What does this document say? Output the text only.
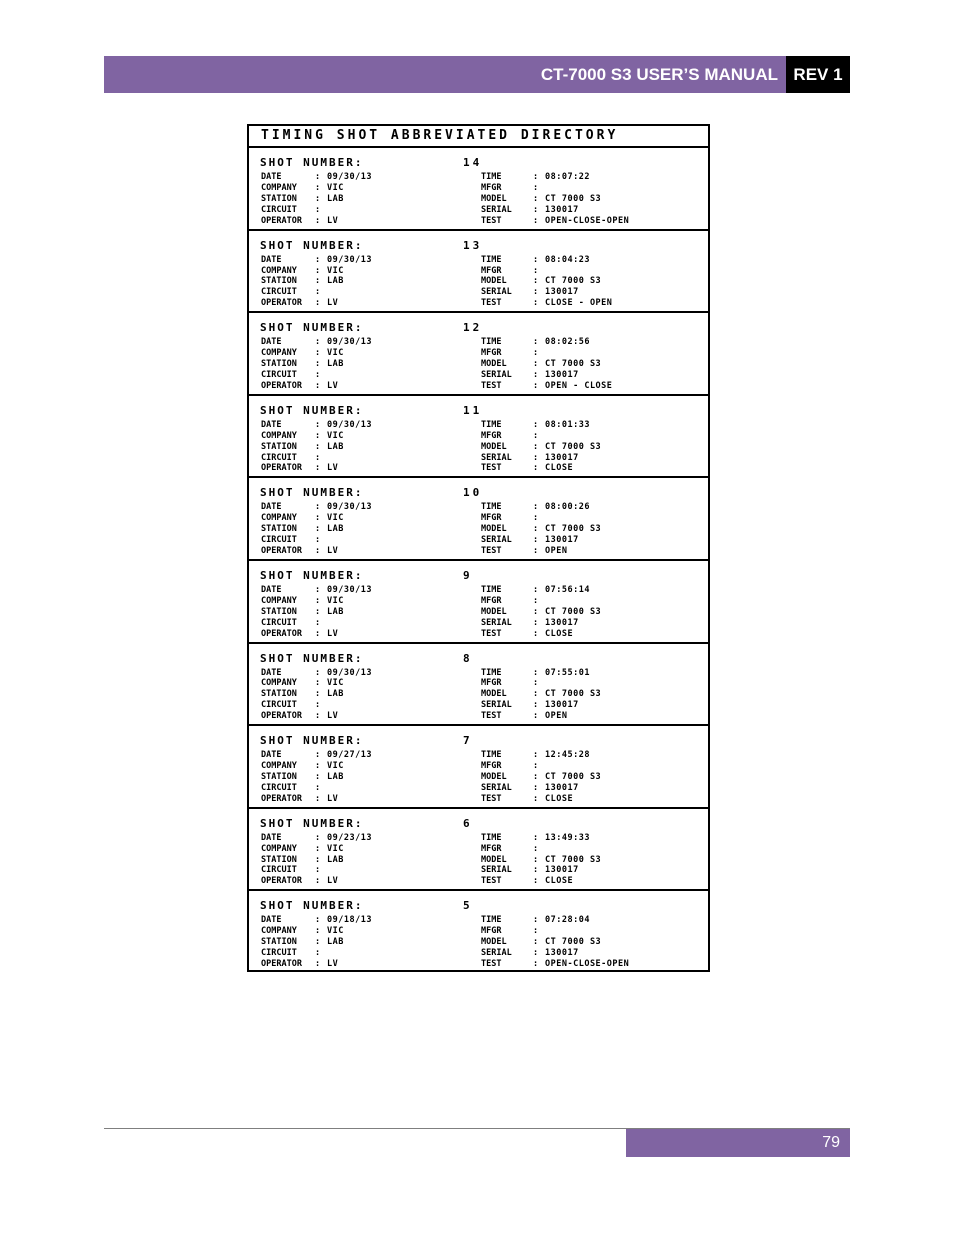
CT-7000 S3 USER’S MANUAL REV 1
TIMING SHOT ABBREVIATED DIRECTORY
SHOT NUMBER:	14
DATE	: 09/30/13
COMPANY	: VIC
STATION	: LAB
CIRCUIT	:
OPERATOR	: LV
TIME	: 08:07:22
MFGR	:
MODEL	: CT 7000 S3
SERIAL	: 130017
TEST	: OPEN-CLOSE-OPEN
SHOT NUMBER:	13
DATE	: 09/30/13
COMPANY	: VIC
STATION	: LAB
CIRCUIT	:
OPERATOR	: LV
TIME	: 08:04:23
MFGR	:
MODEL	: CT 7000 S3
SERIAL	: 130017
TEST	: CLOSE - OPEN
SHOT NUMBER:	12
DATE	: 09/30/13
COMPANY	: VIC
STATION	: LAB
CIRCUIT	:
OPERATOR	: LV
TIME	: 08:02:56
MFGR	:
MODEL	: CT 7000 S3
SERIAL	: 130017
TEST	: OPEN - CLOSE
SHOT NUMBER:	11
DATE	: 09/30/13
COMPANY	: VIC
STATION	: LAB
CIRCUIT	:
OPERATOR	: LV
TIME	: 08:01:33
MFGR	:
MODEL	: CT 7000 S3
SERIAL	: 130017
TEST	: CLOSE
SHOT NUMBER:	10
DATE	: 09/30/13
COMPANY	: VIC
STATION	: LAB
CIRCUIT	:
OPERATOR	: LV
TIME	: 08:00:26
MFGR	:
MODEL	: CT 7000 S3
SERIAL	: 130017
TEST	: OPEN
SHOT NUMBER:	9
DATE	: 09/30/13
COMPANY	: VIC
STATION	: LAB
CIRCUIT	:
OPERATOR	: LV
TIME	: 07:56:14
MFGR	:
MODEL	: CT 7000 S3
SERIAL	: 130017
TEST	: CLOSE
SHOT NUMBER:	8
DATE	: 09/30/13
COMPANY	: VIC
STATION	: LAB
CIRCUIT	:
OPERATOR	: LV
TIME	: 07:55:01
MFGR	:
MODEL	: CT 7000 S3
SERIAL	: 130017
TEST	: OPEN
SHOT NUMBER:	7
DATE	: 09/27/13
COMPANY	: VIC
STATION	: LAB
CIRCUIT	:
OPERATOR	: LV
TIME	: 12:45:28
MFGR	:
MODEL	: CT 7000 S3
SERIAL	: 130017
TEST	: CLOSE
SHOT NUMBER:	6
DATE	: 09/23/13
COMPANY	: VIC
STATION	: LAB
CIRCUIT	:
OPERATOR	: LV
TIME	: 13:49:33
MFGR	:
MODEL	: CT 7000 S3
SERIAL	: 130017
TEST	: CLOSE
SHOT NUMBER:	5
DATE	: 09/18/13
COMPANY	: VIC
STATION	: LAB
CIRCUIT	:
OPERATOR	: LV
TIME	: 07:28:04
MFGR	:
MODEL	: CT 7000 S3
SERIAL	: 130017
TEST	: OPEN-CLOSE-OPEN
79
